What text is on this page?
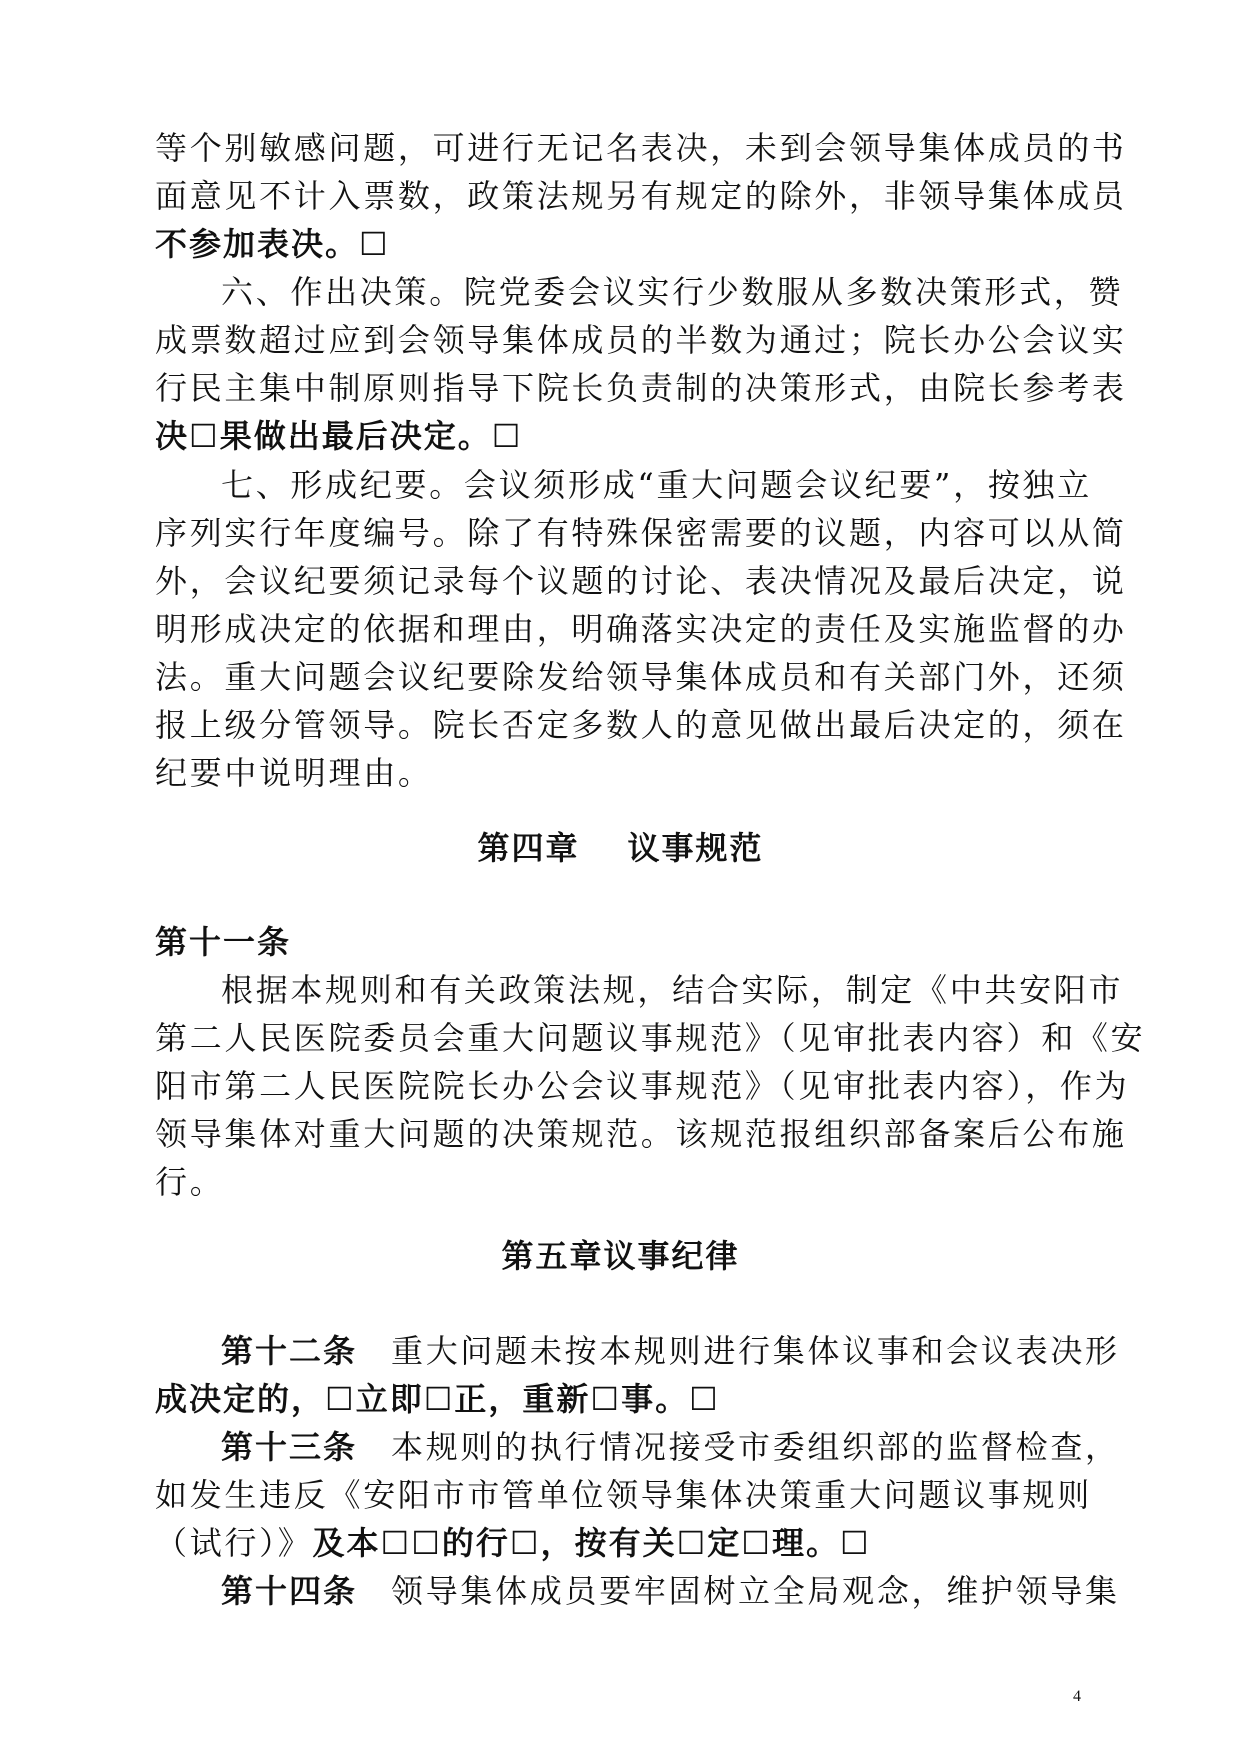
等个别敏感问题，可进行无记名表决，未到会领导集体成员的书
面意见不计入票数，政策法规另有规定的除外，非领导集体成员
不参加表决。☐
六、作出决策。院党委会议实行少数服从多数决策形式，赞
成票数超过应到会领导集体成员的半数为通过；院长办公会议实
行民主集中制原则指导下院长负责制的决策形式，由院长参考表
决☐果做出最后决定。☐
七、形成纪要。会议须形成“重大问题会议纪要”，按独立
序列实行年度编号。除了有特殊保密需要的议题，内容可以从简
外，会议纪要须记录每个议题的讨论、表决情况及最后决定，说
明形成决定的依据和理由，明确落实决定的责任及实施监督的办
法。重大问题会议纪要除发给领导集体成员和有关部门外，还须
报上级分管领导。院长否定多数人的意见做出最后决定的，须在
纪要中说明理由。
第四章 议事规范
第十一条
根据本规则和有关政策法规，结合实际，制定《中共安阳市
第二人民医院委员会重大问题议事规范》（见审批表内容）和《安
阳市第二人民医院院长办公会议事规范》（见审批表内容），作为
领导集体对重大问题的决策规范。该规范报组织部备案后公布施
行。
第五章议事纪律
第十二条 重大问题未按本规则进行集体议事和会议表决形
成决定的，☐立即☐正，重新☐事。☐
第十三条 本规则的执行情况接受市委组织部的监督检查，
如发生违反《安阳市市管单位领导集体决策重大问题议事规则
（试行）》及本☐☐的行☐，按有关☐定☐理。☐
第十四条 领导集体成员要牢固树立全局观念，维护领导集
4
